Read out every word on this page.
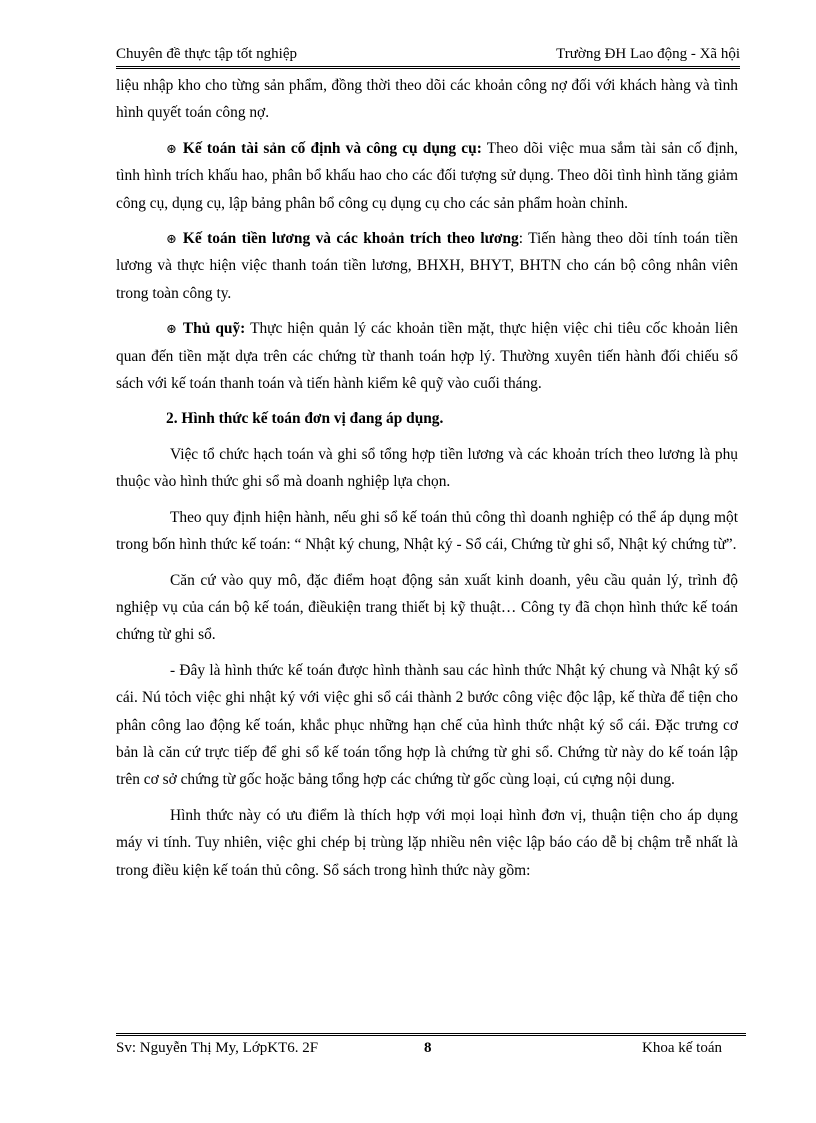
Chuyên đề thực tập tốt nghiệp	Trường ĐH Lao động - Xã hội

liệu nhập kho cho từng sản phẩm, đồng thời theo dõi các khoản công nợ đối với khách hàng và tình hình quyết toán công nợ.

⊛ Kế toán tài sản cố định và công cụ dụng cụ: Theo dõi việc mua sắm tài sản cố định, tình hình trích khấu hao, phân bổ khấu hao cho các đối tượng sử dụng. Theo dõi tình hình tăng giảm công cụ, dụng cụ, lập bảng phân bổ công cụ dụng cụ cho các sản phẩm hoàn chỉnh.

⊛ Kế toán tiền lương và các khoản trích theo lương: Tiến hàng theo dõi tính toán tiền lương và thực hiện việc thanh toán tiền lương, BHXH, BHYT, BHTN cho cán bộ công nhân viên trong toàn công ty.

⊛ Thủ quỹ: Thực hiện quản lý các khoản tiền mặt, thực hiện việc chi tiêu cốc khoản liên quan đến tiền mặt dựa trên các chứng từ thanh toán hợp lý. Thường xuyên tiến hành đối chiếu sổ sách với kế toán thanh toán và tiến hành kiểm kê quỹ vào cuối tháng.

2. Hình thức kế toán đơn vị đang áp dụng.

Việc tổ chức hạch toán và ghi sổ tổng hợp tiền lương và các khoản trích theo lương là phụ thuộc vào hình thức ghi sổ mà doanh nghiệp lựa chọn.

Theo quy định hiện hành, nếu ghi sổ kế toán thủ công thì doanh nghiệp có thể áp dụng một trong bốn hình thức kế toán: “ Nhật ký chung, Nhật ký - Sổ cái, Chứng từ ghi sổ, Nhật ký chứng từ”.

Căn cứ vào quy mô, đặc điểm hoạt động sản xuất kinh doanh, yêu cầu quản lý, trình độ nghiệp vụ của cán bộ kế toán, điềukiện trang thiết bị kỹ thuật… Công ty đã chọn hình thức kế toán chứng từ ghi sổ.

- Đây là hình thức kế toán được hình thành sau các hình thức Nhật ký chung và Nhật ký sổ cái. Nú tỏch việc ghi nhật ký với việc ghi sổ cái thành 2 bước công việc độc lập, kế thừa để tiện cho phân công lao động kế toán, khắc phục những hạn chế của hình thức nhật ký sổ cái. Đặc trưng cơ bản là căn cứ trực tiếp để ghi sổ kế toán tổng hợp là chứng từ ghi sổ. Chứng từ này do kế toán lập trên cơ sở chứng từ gốc hoặc bảng tổng hợp các chứng từ gốc cùng loại, cú cựng nội dung.

Hình thức này có ưu điểm là thích hợp với mọi loại hình đơn vị, thuận tiện cho áp dụng máy vi tính. Tuy nhiên, việc ghi chép bị trùng lặp nhiều nên việc lập báo cáo dễ bị chậm trễ nhất là trong điều kiện kế toán thủ công. Sổ sách trong hình thức này gồm:

Sv: Nguyễn Thị My, LớpKT6. 2F	8	Khoa kế toán
